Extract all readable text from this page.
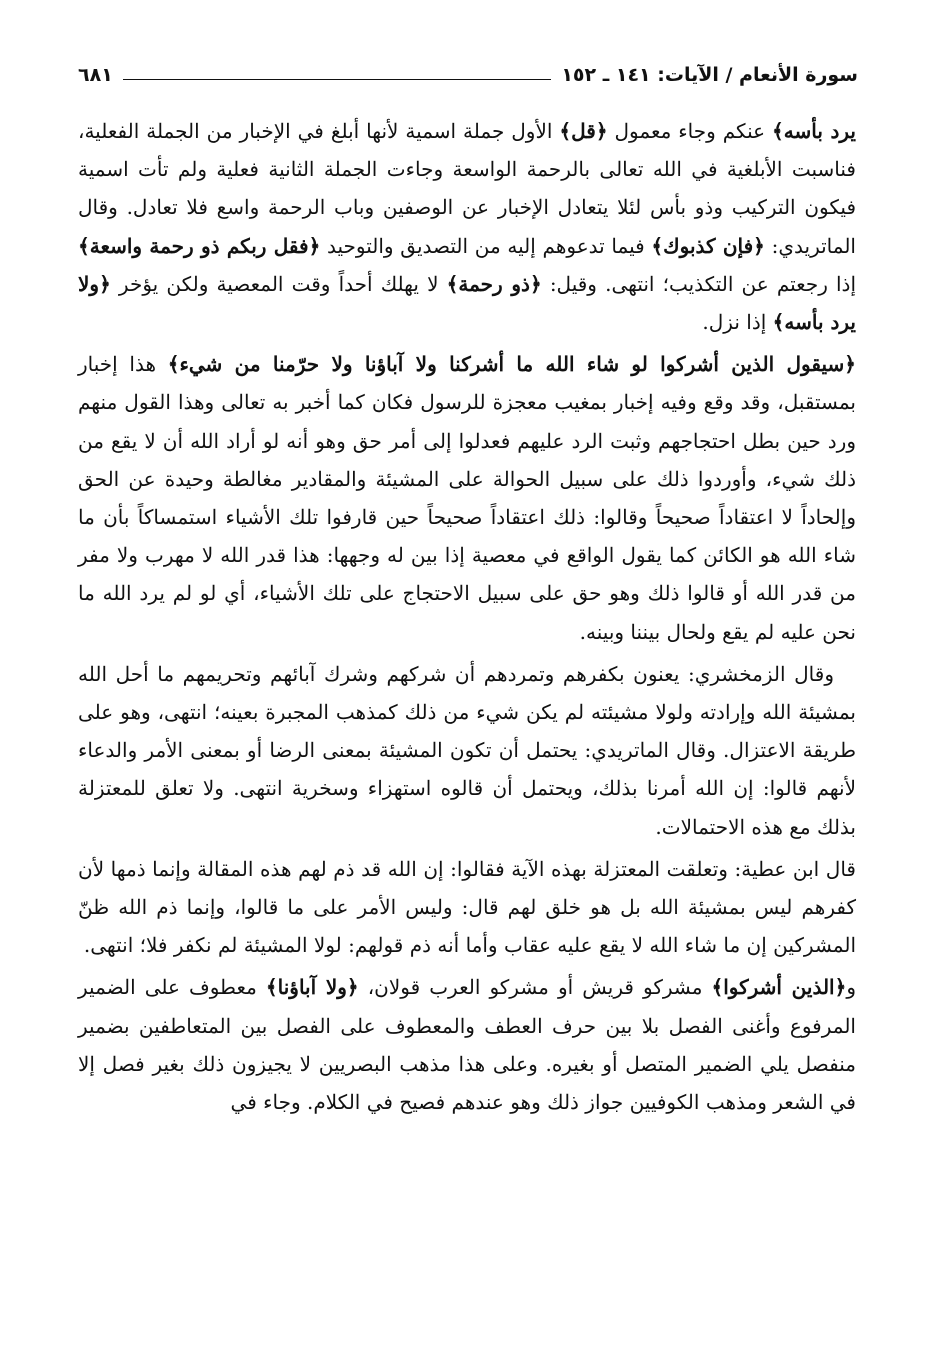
سورة الأنعام / الآيات: ١٤١ ـ ١٥٢
٦٨١

يرد بأسه﴾ عنكم وجاء معمول ﴿قل﴾ الأول جملة اسمية لأنها أبلغ في الإخبار من الجملة الفعلية، فناسبت الأبلغية في الله تعالى بالرحمة الواسعة وجاءت الجملة الثانية فعلية ولم تأت اسمية فيكون التركيب وذو بأس لئلا يتعادل الإخبار عن الوصفين وباب الرحمة واسع فلا تعادل. وقال الماتريدي: ﴿فإن كذبوك﴾ فيما تدعوهم إليه من التصديق والتوحيد ﴿فقل ربكم ذو رحمة واسعة﴾ إذا رجعتم عن التكذيب؛ انتهى. وقيل: ﴿ذو رحمة﴾ لا يهلك أحداً وقت المعصية ولكن يؤخر ﴿ولا يرد بأسه﴾ إذا نزل.

﴿سيقول الذين أشركوا لو شاء الله ما أشركنا ولا آباؤنا ولا حرّمنا من شيء﴾ هذا إخبار بمستقبل، وقد وقع وفيه إخبار بمغيب معجزة للرسول فكان كما أخبر به تعالى وهذا القول منهم ورد حين بطل احتجاجهم وثبت الرد عليهم فعدلوا إلى أمر حق وهو أنه لو أراد الله أن لا يقع من ذلك شيء، وأوردوا ذلك على سبيل الحوالة على المشيئة والمقادير مغالطة وحيدة عن الحق وإلحاداً لا اعتقاداً صحيحاً وقالوا: ذلك اعتقاداً صحيحاً حين قارفوا تلك الأشياء استمساكاً بأن ما شاء الله هو الكائن كما يقول الواقع في معصية إذا بين له وجهها: هذا قدر الله لا مهرب ولا مفر من قدر الله أو قالوا ذلك وهو حق على سبيل الاحتجاج على تلك الأشياء، أي لو لم يرد الله ما نحن عليه لم يقع ولحال بيننا وبينه.

وقال الزمخشري: يعنون بكفرهم وتمردهم أن شركهم وشرك آبائهم وتحريمهم ما أحل الله بمشيئة الله وإرادته ولولا مشيئته لم يكن شيء من ذلك كمذهب المجبرة بعينه؛ انتهى، وهو على طريقة الاعتزال. وقال الماتريدي: يحتمل أن تكون المشيئة بمعنى الرضا أو بمعنى الأمر والدعاء لأنهم قالوا: إن الله أمرنا بذلك، ويحتمل أن قالوه استهزاء وسخرية انتهى. ولا تعلق للمعتزلة بذلك مع هذه الاحتمالات.

قال ابن عطية: وتعلقت المعتزلة بهذه الآية فقالوا: إن الله قد ذم لهم هذه المقالة وإنما ذمها لأن كفرهم ليس بمشيئة الله بل هو خلق لهم قال: وليس الأمر على ما قالوا، وإنما ذم الله ظنّ المشركين إن ما شاء الله لا يقع عليه عقاب وأما أنه ذم قولهم: لولا المشيئة لم نكفر فلا؛ انتهى.

و﴿الذين أشركوا﴾ مشركو قريش أو مشركو العرب قولان، ﴿ولا آباؤنا﴾ معطوف على الضمير المرفوع وأغنى الفصل بلا بين حرف العطف والمعطوف على الفصل بين المتعاطفين بضمير منفصل يلي الضمير المتصل أو بغيره. وعلى هذا مذهب البصريين لا يجيزون ذلك بغير فصل إلا في الشعر ومذهب الكوفيين جواز ذلك وهو عندهم فصيح في الكلام. وجاء في
